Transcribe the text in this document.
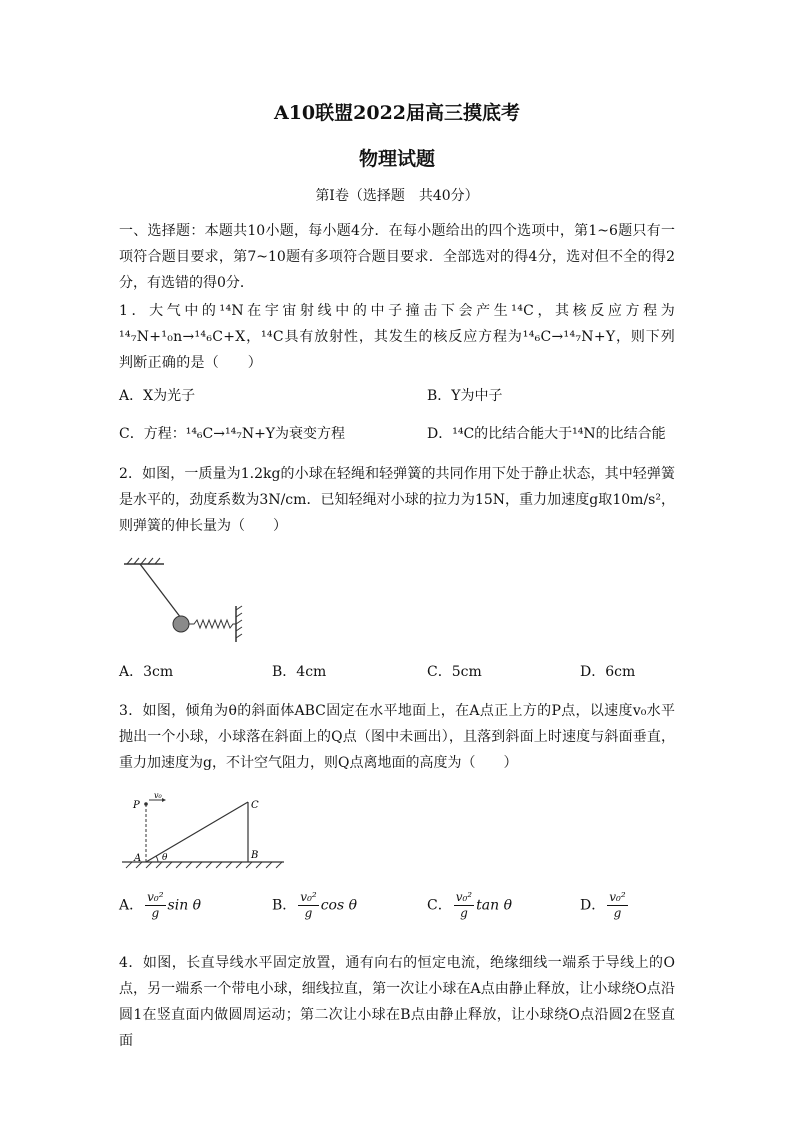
A10联盟2022届高三摸底考
物理试题
第Ⅰ卷（选择题　共40分）

一、选择题：本题共10小题，每小题4分．在每小题给出的四个选项中，第1~6题只有一项符合题目要求，第7~10题有多项符合题目要求．全部选对的得4分，选对但不全的得2分，有选错的得0分．

1．大气中的¹⁴N在宇宙射线中的中子撞击下会产生¹⁴C，其核反应方程为 ¹⁴₇N+¹₀n→¹⁴₆C+X，¹⁴C具有放射性，其发生的核反应方程为¹⁴₆C→¹⁴₇N+Y，则下列判断正确的是（　　）

A．X为光子	B．Y为中子
C．方程：¹⁴₆C→¹⁴₇N+Y为衰变方程	D．¹⁴C的比结合能大于¹⁴N的比结合能

2．如图，一质量为1.2kg的小球在轻绳和轻弹簧的共同作用下处于静止状态，其中轻弹簧是水平的，劲度系数为3N/cm．已知轻绳对小球的拉力为15N，重力加速度g取10m/s²，则弹簧的伸长量为（　　）

A．3cm	B．4cm	C．5cm	D．6cm

3．如图，倾角为θ的斜面体ABC固定在水平地面上，在A点正上方的P点，以速度v₀水平抛出一个小球，小球落在斜面上的Q点（图中未画出），且落到斜面上时速度与斜面垂直，重力加速度为g，不计空气阻力，则Q点离地面的高度为（　　）

P
v₀
C
A θ	B
A． $\frac{\text{v₀²}}{g}$ sin θ	B． $\frac{\text{v₀²}}{g}$ cos θ	C． $\frac{\text{v₀²}}{g}$ tan θ	D． $\frac{\text{v₀²}}{g}$

4．如图，长直导线水平固定放置，通有向右的恒定电流，绝缘细线一端系于导线上的O点，另一端系一个带电小球，细线拉直，第一次让小球在A点由静止释放，让小球绕O点沿圆1在竖直面内做圆周运动；第二次让小球在B点由静止释放，让小球绕O点沿圆2在竖直面
